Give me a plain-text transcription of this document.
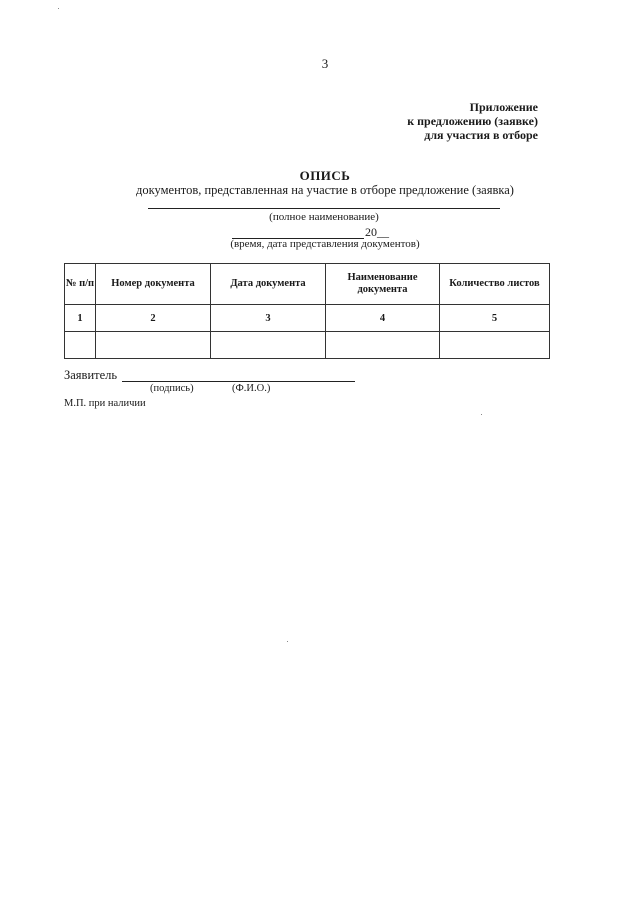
3
Приложение
к предложению (заявке)
для участия в отборе
ОПИСЬ
документов, представленная на участие в отборе предложение (заявка)
(полное наименование)
20__
(время, дата представления документов)
№ п/п	Номер документа	Дата документа	Наименование документа	Количество листов
1	2	3	4	5

Заявитель
(подпись)	(Ф.И.О.)
М.П. при наличии
